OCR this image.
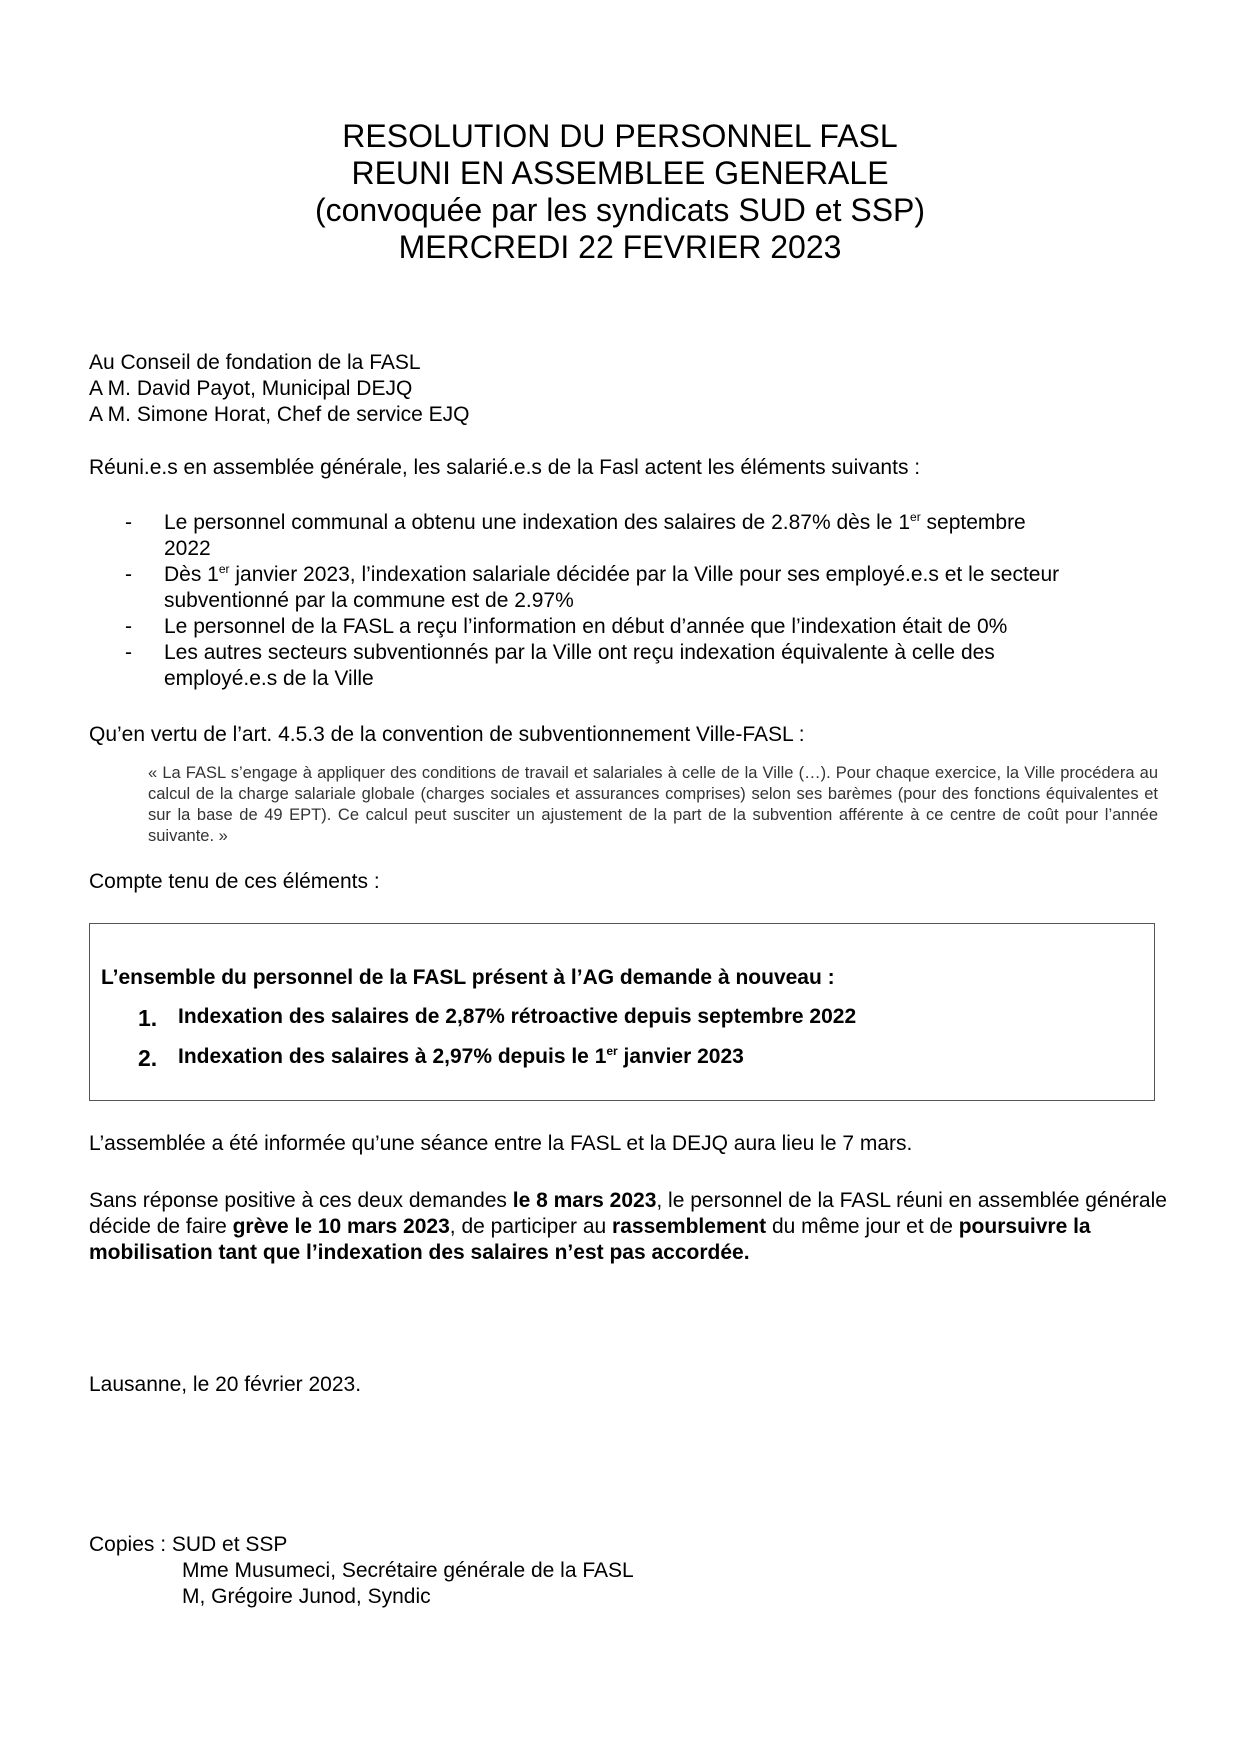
RESOLUTION DU PERSONNEL FASL
REUNI EN ASSEMBLEE GENERALE
(convoquée par les syndicats SUD et SSP)
MERCREDI 22 FEVRIER 2023
Au Conseil de fondation de la FASL
A M. David Payot, Municipal DEJQ
A M. Simone Horat, Chef de service EJQ
Réuni.e.s en assemblée générale, les salarié.e.s de la Fasl actent les éléments suivants :
- Le personnel communal a obtenu une indexation des salaires de 2.87% dès le 1er septembre
2022
- Dès 1er janvier 2023, l’indexation salariale décidée par la Ville pour ses employé.e.s et le secteur
subventionné par la commune est de 2.97%
- Le personnel de la FASL a reçu l’information en début d’année que l’indexation était de 0%
- Les autres secteurs subventionnés par la Ville ont reçu indexation équivalente à celle des
employé.e.s de la Ville
Qu’en vertu de l’art. 4.5.3 de la convention de subventionnement Ville-FASL :
« La FASL s’engage à appliquer des conditions de travail et salariales à celle de la Ville (…). Pour chaque exercice, la Ville procédera au calcul de la charge salariale globale (charges sociales et assurances comprises) selon ses barèmes (pour des fonctions équivalentes et sur la base de 49 EPT). Ce calcul peut susciter un ajustement de la part de la subvention afférente à ce centre de coût pour l’année suivante. »
Compte tenu de ces éléments :
L’ensemble du personnel de la FASL présent à l’AG demande à nouveau :
1. Indexation des salaires de 2,87% rétroactive depuis septembre 2022
2. Indexation des salaires à 2,97% depuis le 1er janvier 2023
L’assemblée a été informée qu’une séance entre la FASL et la DEJQ aura lieu le 7 mars.
Sans réponse positive à ces deux demandes le 8 mars 2023, le personnel de la FASL réuni en assemblée générale décide de faire grève le 10 mars 2023, de participer au rassemblement du même jour et de poursuivre la mobilisation tant que l’indexation des salaires n’est pas accordée.
Lausanne, le 20 février 2023.
Copies : SUD et SSP
Mme Musumeci, Secrétaire générale de la FASL
M, Grégoire Junod, Syndic
